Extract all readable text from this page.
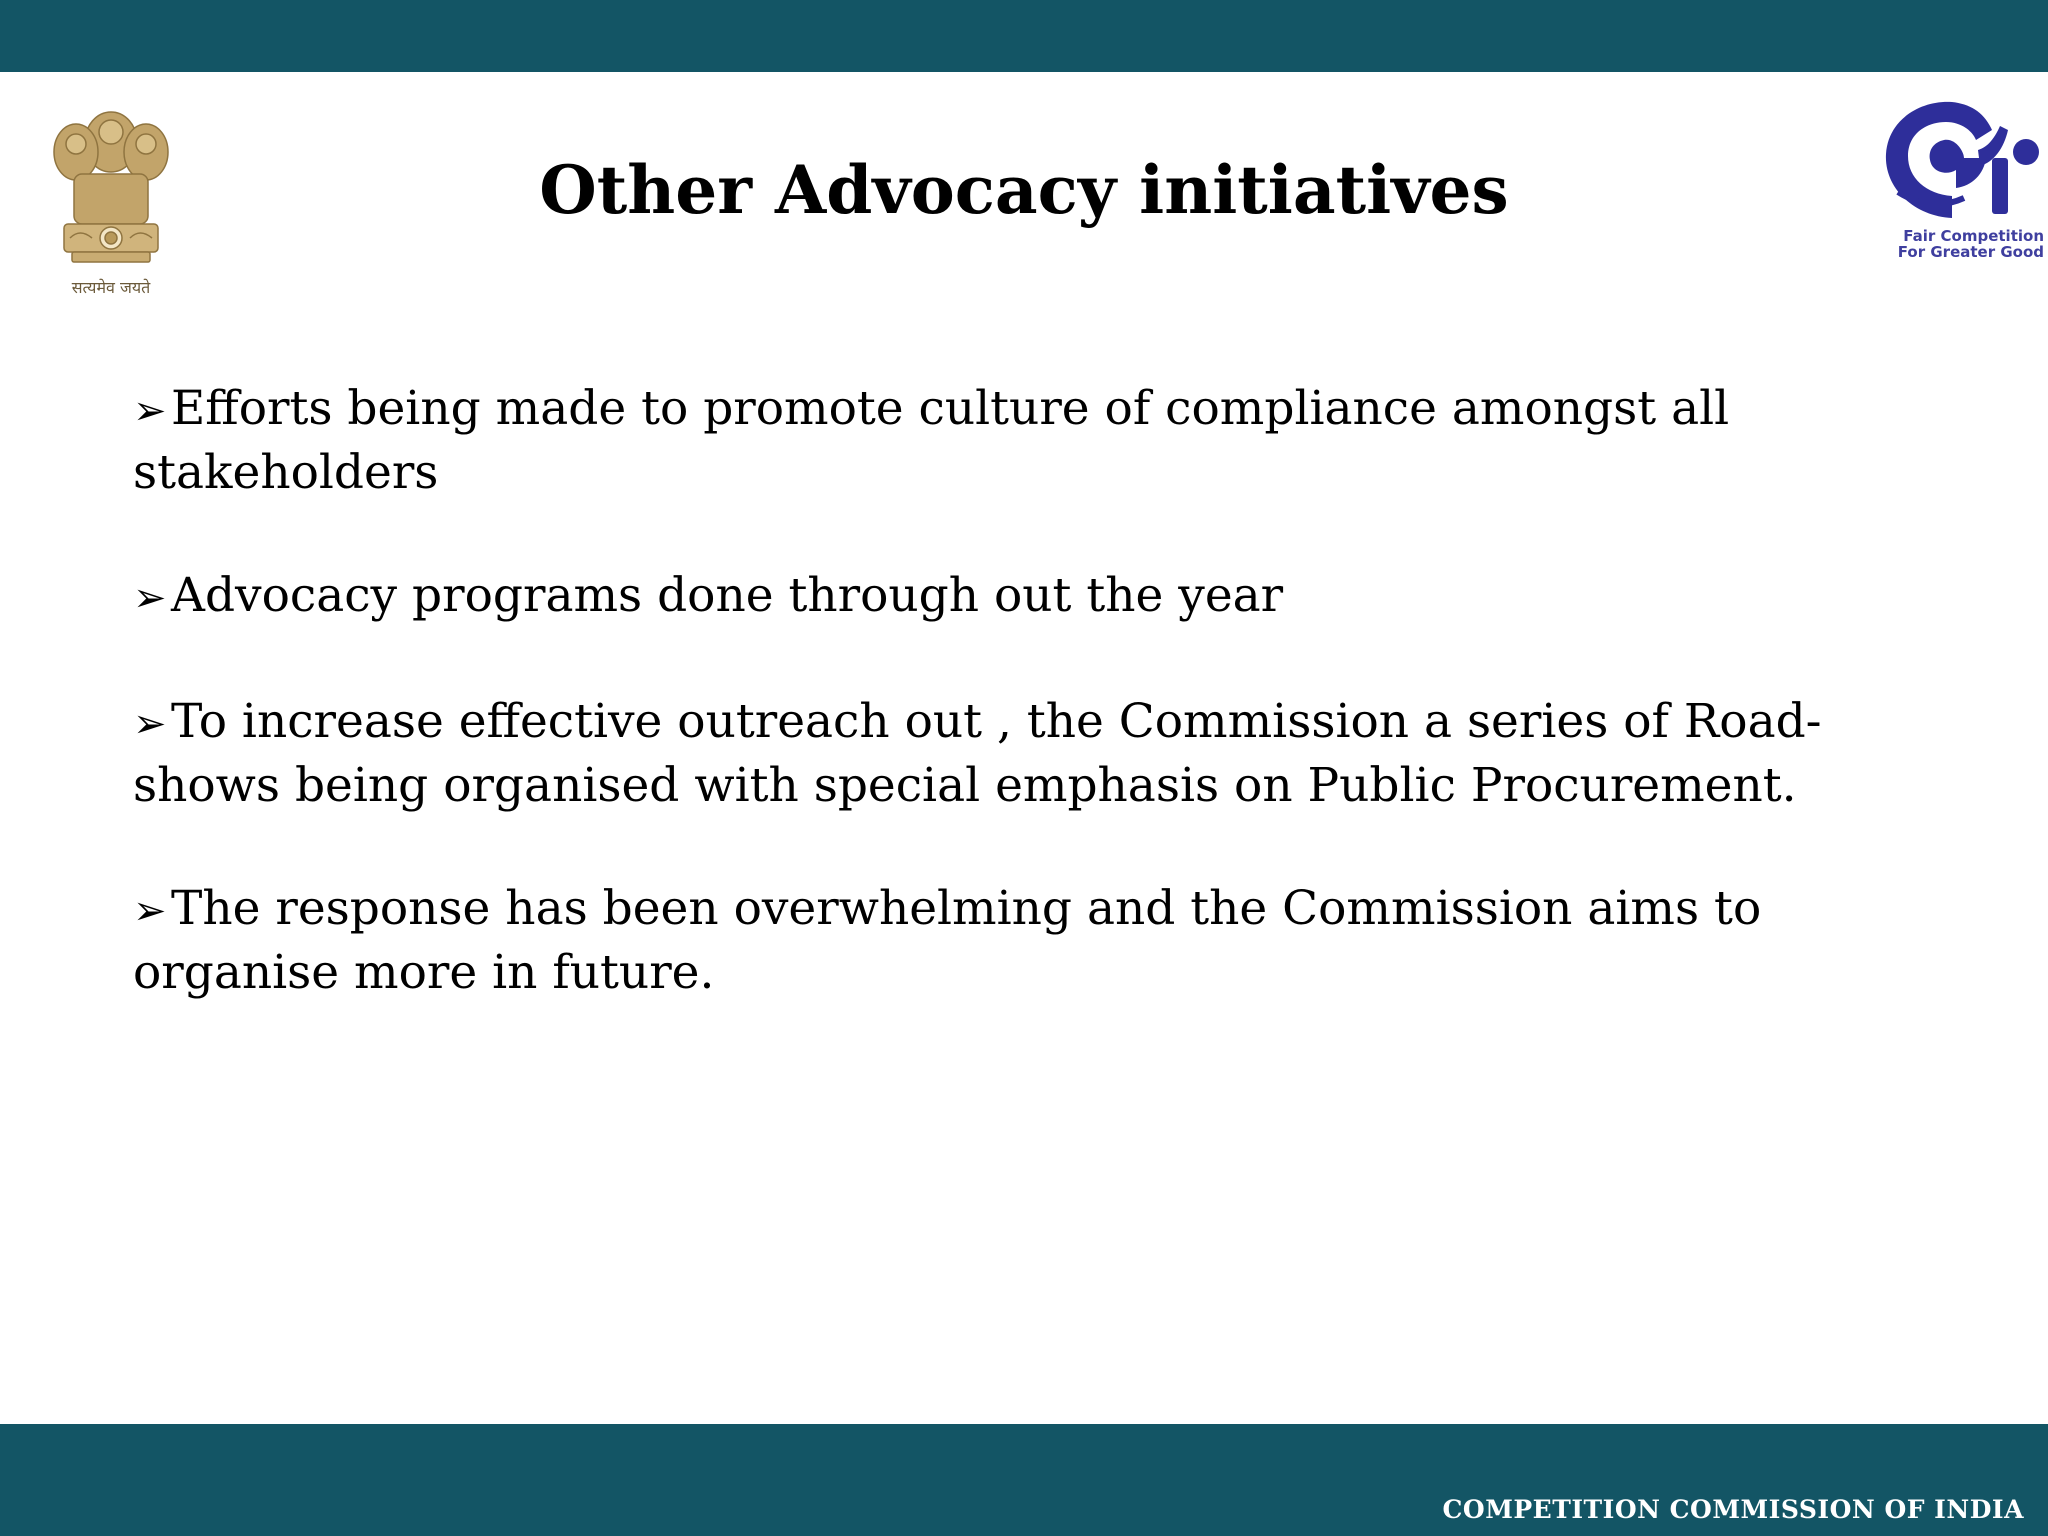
सत्यमेव जयते
Other Advocacy initiatives
Fair Competition
For Greater Good
➢Efforts being made to promote culture of compliance amongst all stakeholders
➢Advocacy programs done through out the year
➢To increase effective outreach out , the Commission a series of Road-shows being organised with special emphasis on Public Procurement.
➢The response has been overwhelming and the Commission aims to organise more in future.
COMPETITION COMMISSION OF INDIA
